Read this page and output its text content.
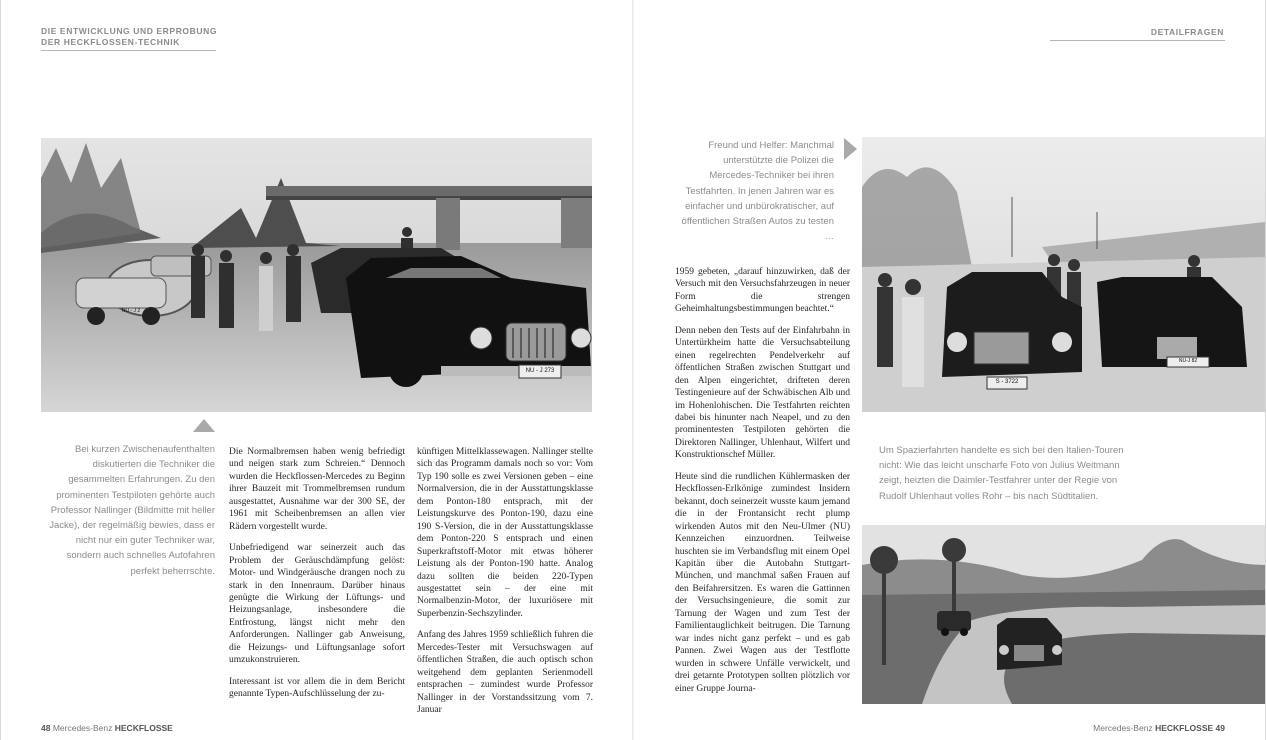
DIE ENTWICKLUNG UND ERPROBUNG
DER HECKFLOSSEN-TECHNIK
DETAILFRAGEN
NU - J 273
NU - J 2
Bei kurzen Zwischenaufenthalten diskutierten die Techniker die gesammelten Erfahrungen. Zu den prominenten Testpiloten gehörte auch Professor Nallinger (Bildmitte mit heller Jacke), der regelmäßig bewies, dass er nicht nur ein guter Techniker war, sondern auch schnelles Autofahren perfekt beherrschte.

Die Normalbremsen haben wenig befriedigt und neigen stark zum Schreien.“ Dennoch wurden die Heckflossen-Mercedes zu Beginn ihrer Bauzeit mit Trommelbremsen rundum ausgestattet, Ausnahme war der 300 SE, der 1961 mit Scheibenbremsen an allen vier Rädern vorgestellt wurde.

Unbefriedigend war seinerzeit auch das Problem der Geräuschdämpfung gelöst: Motor- und Windgeräusche drangen noch zu stark in den Innenraum. Darüber hinaus genügte die Wirkung der Lüftungs- und Heizungsanlage, insbesondere die Entfrostung, längst nicht mehr den Anforderungen. Nallinger gab Anweisung, die Heizungs- und Lüftungsanlage sofort umzukonstruieren.

Interessant ist vor allem die in dem Bericht genannte Typen-Aufschlüsselung der zu-

künftigen Mittelklassewagen. Nallinger stellte sich das Programm damals noch so vor: Vom Typ 190 solle es zwei Versionen geben – eine Normalversion, die in der Ausstattungsklasse dem Ponton-180 entsprach, mit der Leistungskurve des Ponton-190, dazu eine 190 S-Version, die in der Ausstattungsklasse dem Ponton-220 S entsprach und einen Superkraftstoff-Motor mit etwas höherer Leistung als der Ponton-190 hatte. Analog dazu sollten die beiden 220-Typen ausgestattet sein – der eine mit Normalbenzin-Motor, der luxuriösere mit Superbenzin-Sechszylinder.

Anfang des Jahres 1959 schließlich fuhren die Mercedes-Tester mit Versuchswagen auf öffentlichen Straßen, die auch optisch schon weitgehend dem geplanten Serienmodell entsprachen – zumindest wurde Professor Nallinger in der Vorstandssitzung vom 7. Januar

48 Mercedes-Benz HECKFLOSSE
Freund und Helfer: Manchmal unterstützte die Polizei die Mercedes-Techniker bei ihren Testfahrten. In jenen Jahren war es einfacher und unbürokratischer, auf öffentlichen Straßen Autos zu testen …

1959 gebeten, „darauf hinzuwirken, daß der Versuch mit den Versuchsfahrzeugen in neuer Form die strengen Geheimhaltungsbestimmungen beachtet.“

Denn neben den Tests auf der Einfahrbahn in Untertürkheim hatte die Versuchsabteilung einen regelrechten Pendelverkehr auf öffentlichen Straßen zwischen Stuttgart und den Alpen eingerichtet, drifteten deren Testingenieure auf der Schwäbischen Alb und im Hohenlohischen. Die Testfahrten reichten dabei bis hinunter nach Neapel, und zu den prominentesten Testpiloten gehörten die Direktoren Nallinger, Uhlenhaut, Wilfert und Konstruktionschef Müller.

Heute sind die rundlichen Kühlermasken der Heckflossen-Erlkönige zumindest Insidern bekannt, doch seinerzeit wusste kaum jemand die in der Frontansicht recht plump wirkenden Autos mit den Neu-Ulmer (NU) Kennzeichen einzuordnen. Teilweise huschten sie im Verbandsflug mit einem Opel Kapitän über die Autobahn Stuttgart-München, und manchmal saßen Frauen auf den Beifahrersitzen. Es waren die Gattinnen der Versuchsingenieure, die somit zur Tarnung der Wagen und zum Test der Familientauglichkeit beitrugen. Die Tarnung war indes nicht ganz perfekt – und es gab Pannen. Zwei Wagen aus der Testflotte wurden in schwere Unfälle verwickelt, und drei getarnte Prototypen sollten plötzlich vor einer Gruppe Journa-

S - 3722
NU-J 82
Um Spazierfahrten handelte es sich bei den Italien-Touren nicht: Wie das leicht unscharfe Foto von Julius Weitmann zeigt, heizten die Daimler-Testfahrer unter der Regie von Rudolf Uhlenhaut volles Rohr – bis nach Südtitalien.
Mercedes-Benz HECKFLOSSE 49
